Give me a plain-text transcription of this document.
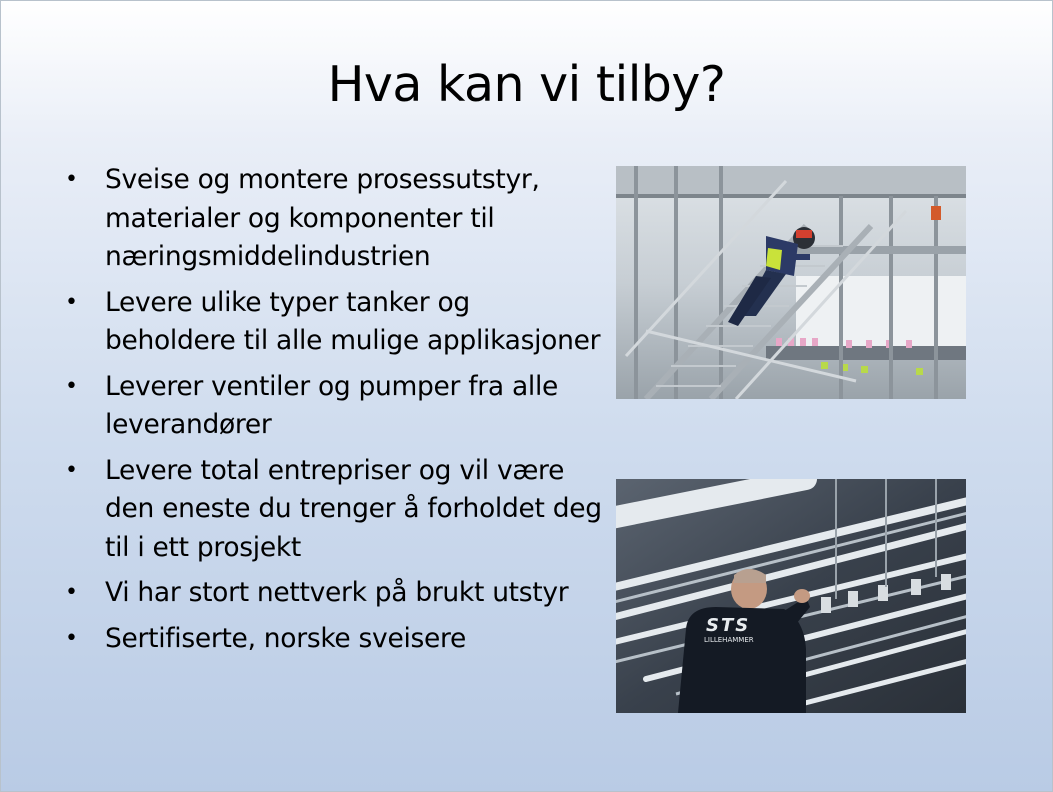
Hva kan vi tilby?
• Sveise og montere prosessutstyr, materialer og komponenter til næringsmiddelindustrien
• Levere ulike typer tanker og beholdere til alle mulige applikasjoner
• Leverer ventiler og pumper fra alle leverandører
• Levere total entrepriser og vil være den eneste du trenger å forholdet deg til i ett prosjekt
• Vi har stort nettverk på brukt utstyr
• Sertifiserte, norske sveisere	STS
LILLEHAMMER
